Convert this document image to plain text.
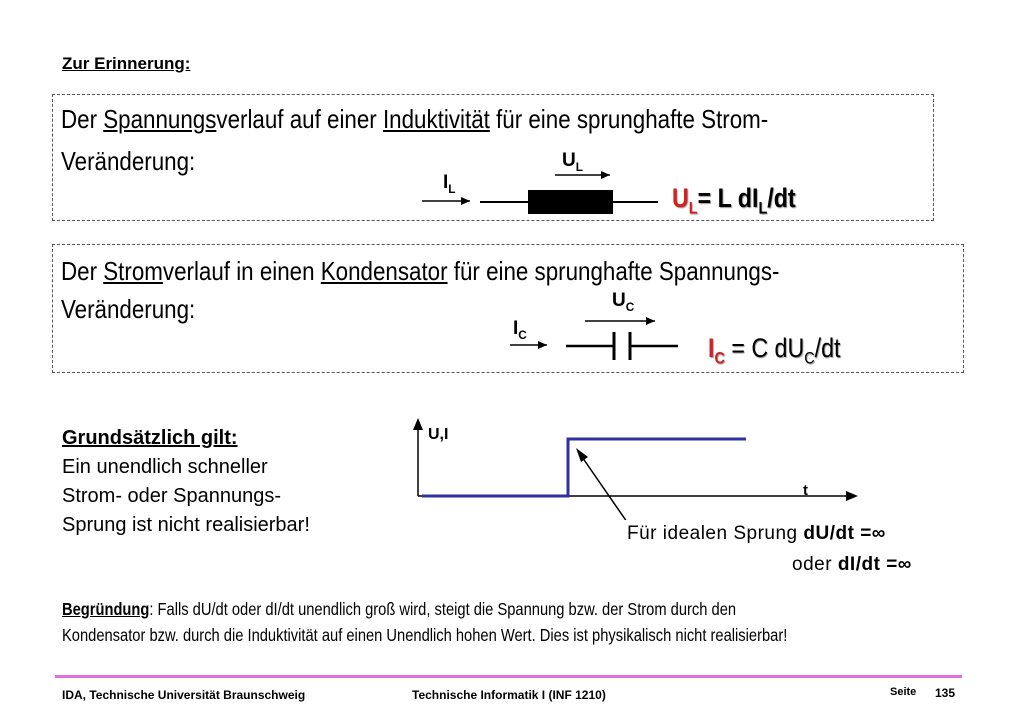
Zur Erinnerung:
Der Spannungsverlauf auf einer Induktivität für eine sprunghafte Strom-
Veränderung:	$U_L$
$I_L$	$U_L= L$ $dI_L/dt$
Der Stromverlauf in einen Kondensator für eine sprunghafte Spannungs-
Veränderung:	$U_C$
$I_C$	$I_C = C$ $dU_C/dt$
Grundsätzlich gilt:
Ein unendlich schneller
Strom- oder Spannungs-
Sprung ist nicht realisierbar!
U,I
t
Für idealen Sprung dU/dt =∞
oder dI/dt =∞
Begründung: Falls dU/dt oder dI/dt unendlich groß wird, steigt die Spannung bzw. der Strom durch den
Kondensator bzw. durch die Induktivität auf einen Unendlich hohen Wert. Dies ist physikalisch nicht realisierbar!
IDA, Technische Universität Braunschweig	Technische Informatik I (INF 1210)	Seite 135
